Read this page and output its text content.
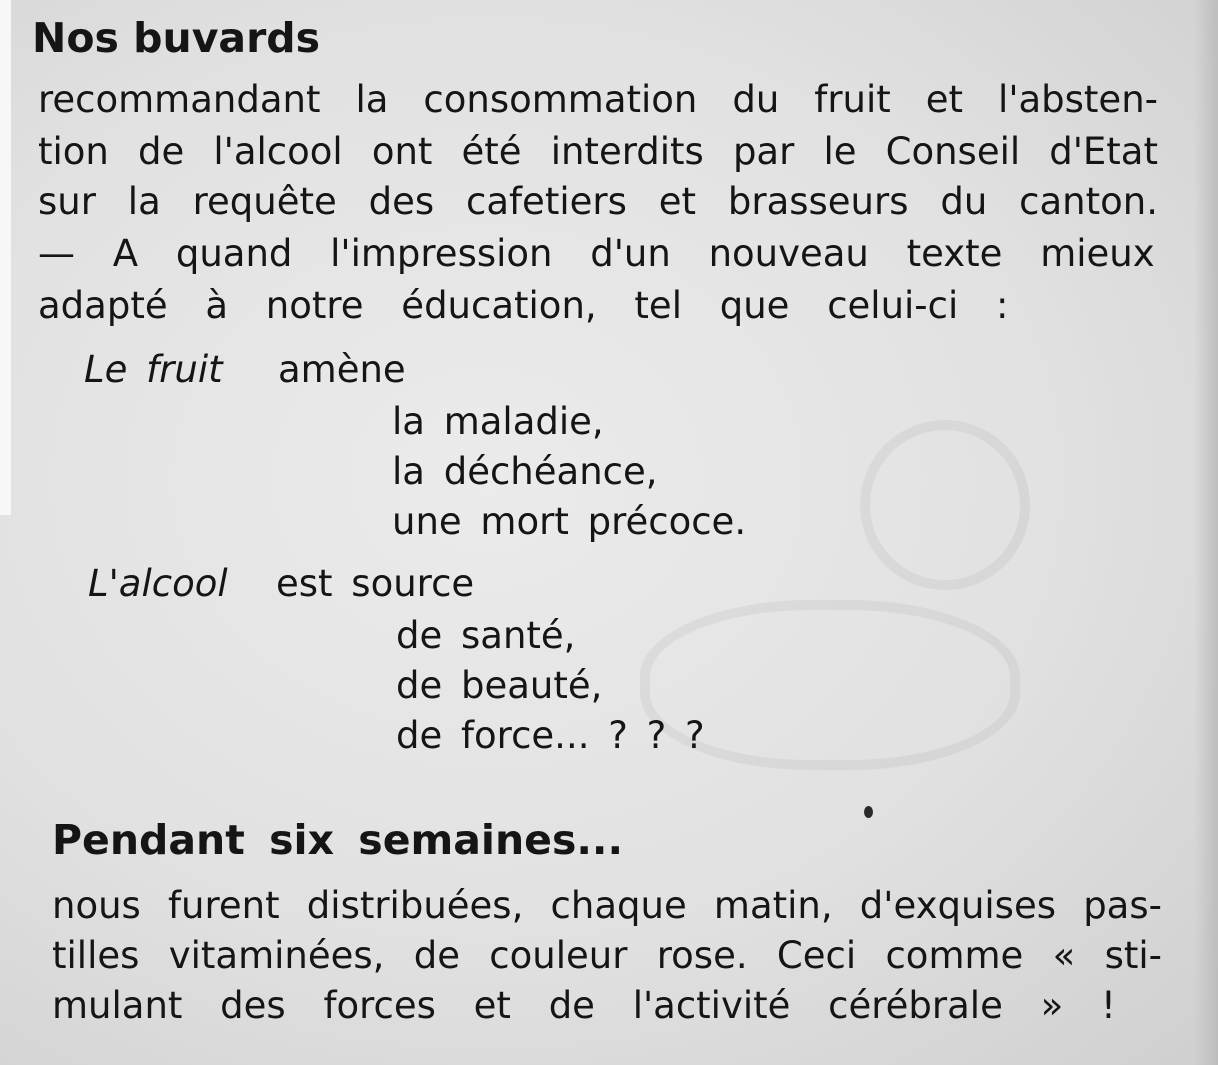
Nos buvards
recommandant la consommation du fruit et l'absten-
tion de l'alcool ont été interdits par le Conseil d'Etat
sur la requête des cafetiers et brasseurs du canton.
— A quand l'impression d'un nouveau texte mieux
adapté à notre éducation, tel que celui-ci :
Le fruit amène
la maladie,
la déchéance,
une mort précoce.
L'alcool est source
de santé,
de beauté,
de force... ? ? ?
Pendant six semaines...
nous furent distribuées, chaque matin, d'exquises pas-
tilles vitaminées, de couleur rose. Ceci comme « sti-
mulant des forces et de l'activité cérébrale » !
